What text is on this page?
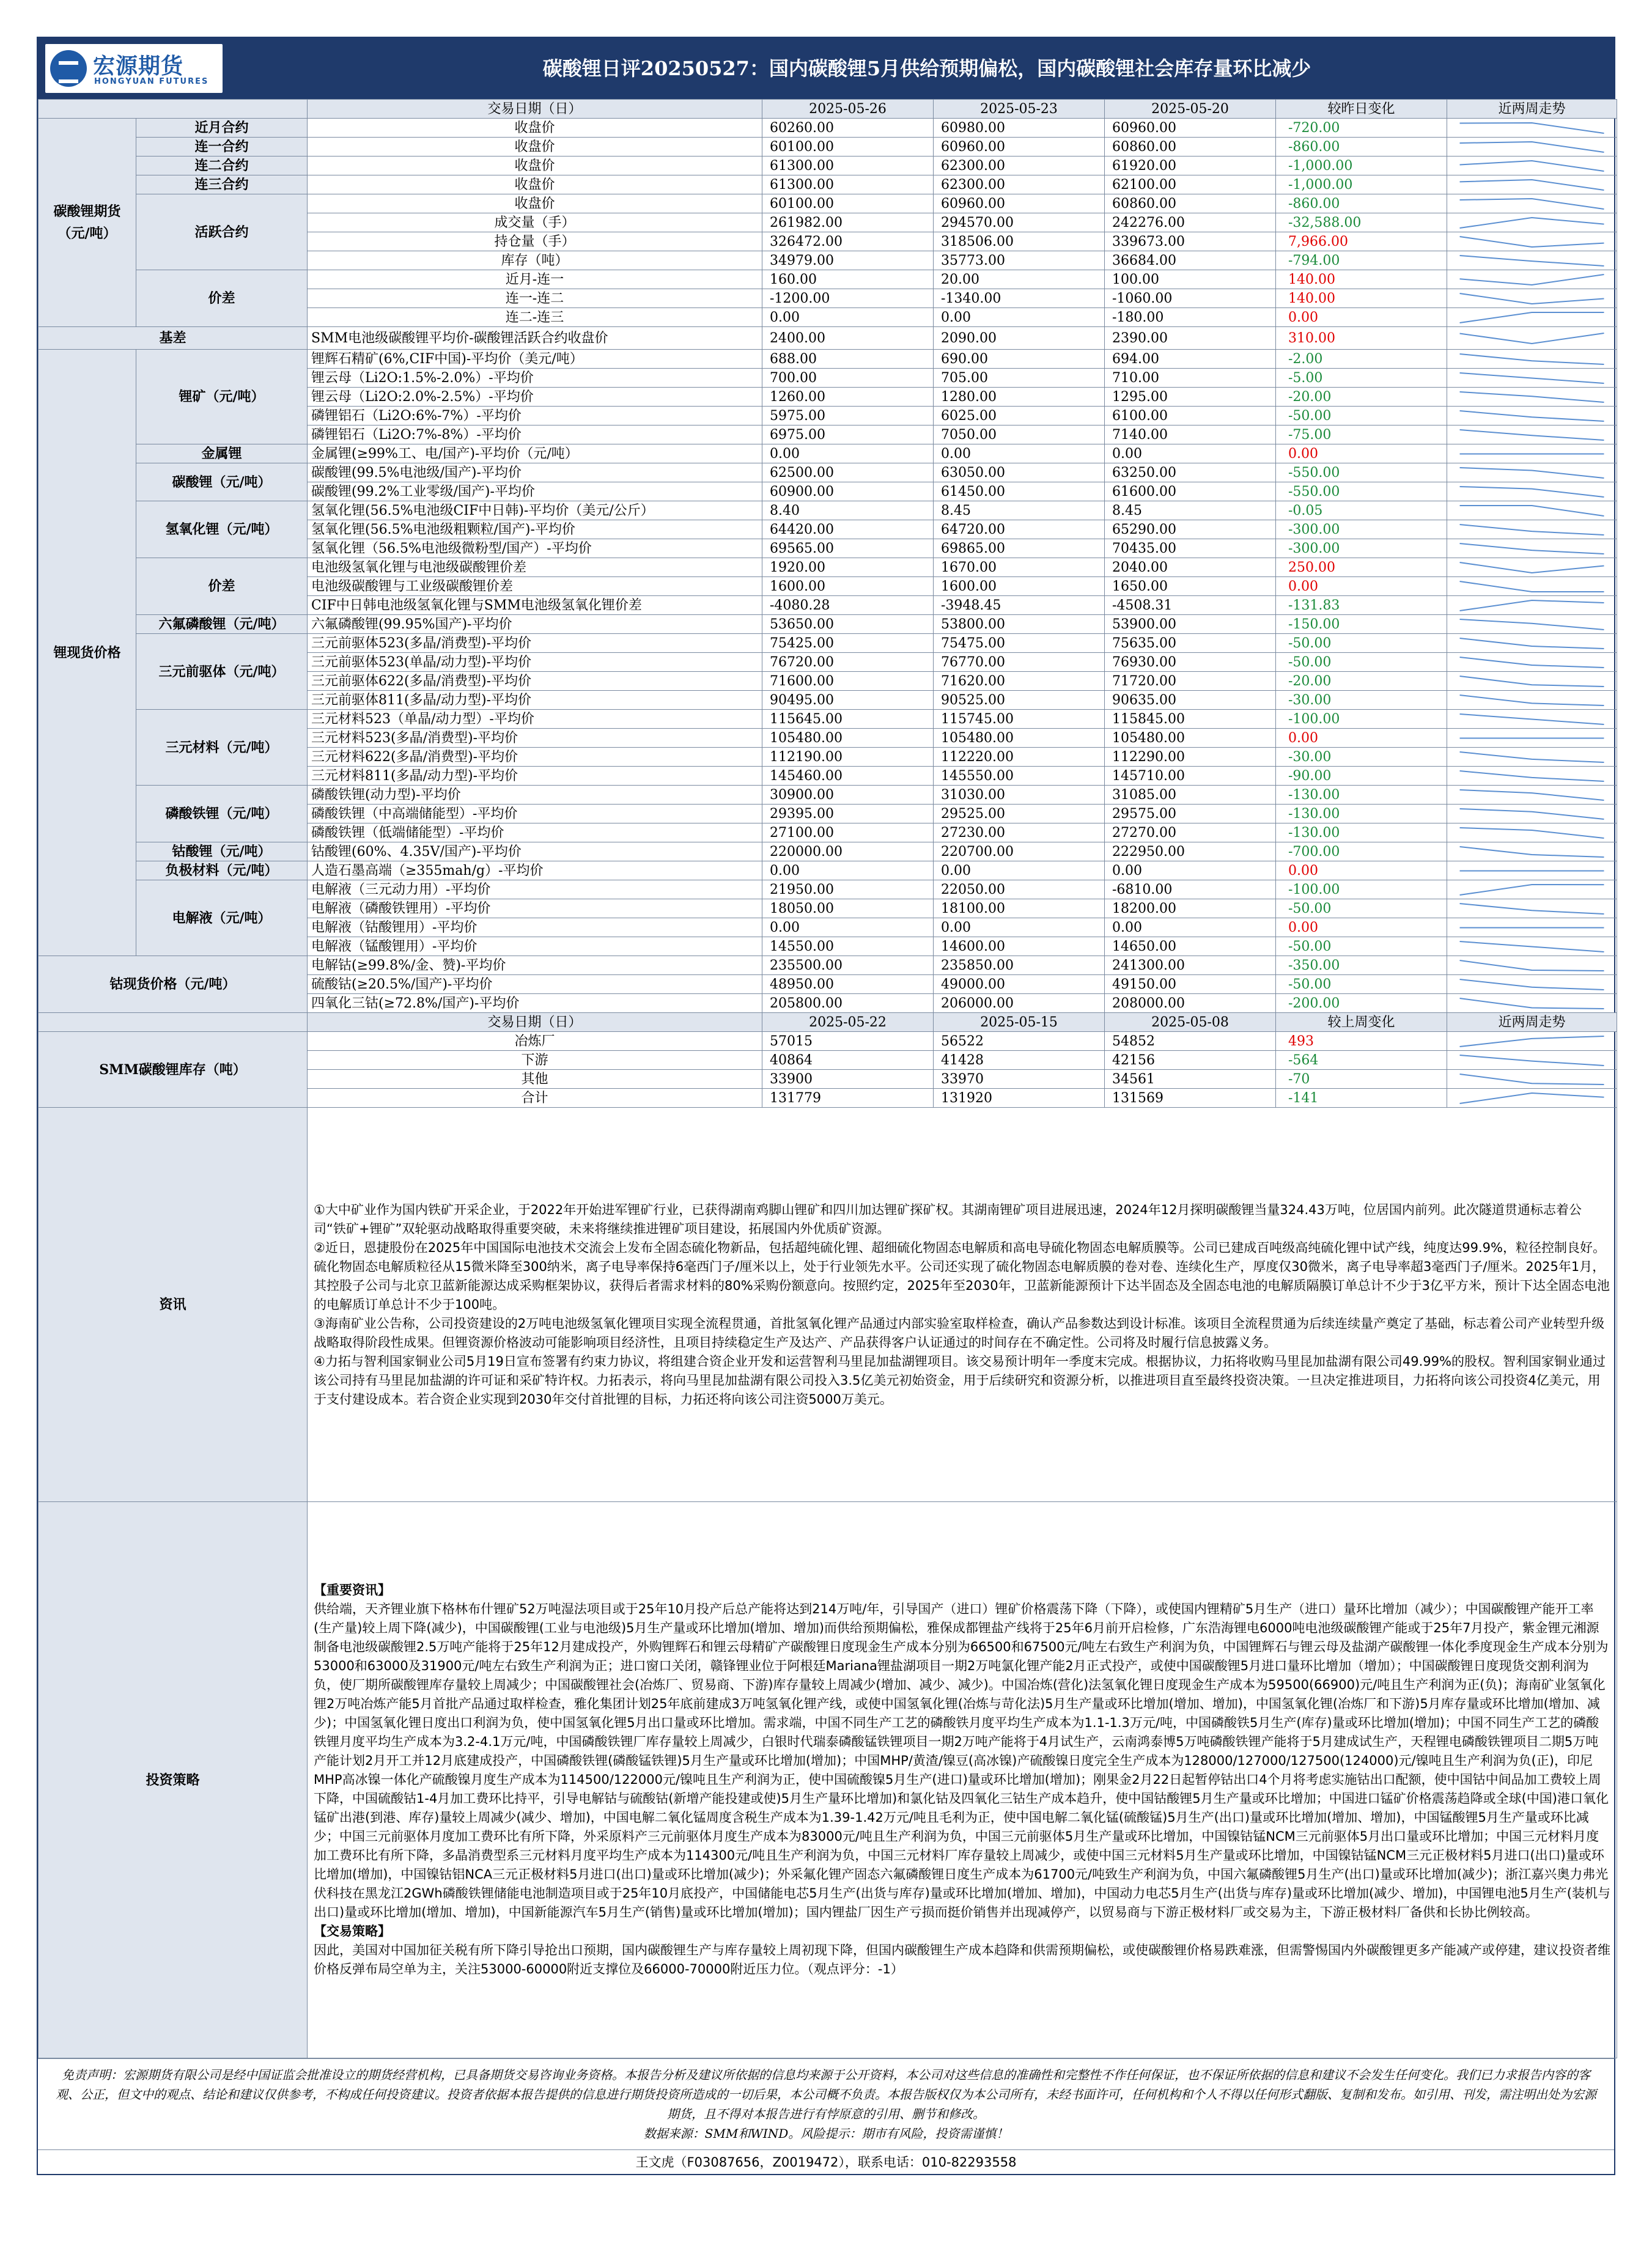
宏源期货
HONGYUAN FUTURES
碳酸锂日评20250527：国内碳酸锂5月供给预期偏松，国内碳酸锂社会库存量环比减少
		交易日期（日）	2025-05-26	2025-05-23	2025-05-20	较昨日变化	近两周走势
碳酸锂期货 （元/吨）	近月合约	收盘价	60260.00	60980.00	60960.00	-720.00	

	连一合约	收盘价	60100.00	60960.00	60860.00	-860.00	

	连二合约	收盘价	61300.00	62300.00	61920.00	-1,000.00	

	连三合约	收盘价	61300.00	62300.00	62100.00	-1,000.00	

	活跃合约	收盘价	60100.00	60960.00	60860.00	-860.00	

		成交量（手）	261982.00	294570.00	242276.00	-32,588.00	

		持仓量（手）	326472.00	318506.00	339673.00	7,966.00	

		库存（吨）	34979.00	35773.00	36684.00	-794.00	

	价差	近月-连一	160.00	20.00	100.00	140.00	

		连一-连二	-1200.00	-1340.00	-1060.00	140.00	

		连二-连三	0.00	0.00	-180.00	0.00	

基差		SMM电池级碳酸锂平均价-碳酸锂活跃合约收盘价	2400.00	2090.00	2390.00	310.00	

锂现货价格	锂矿（元/吨）	锂辉石精矿(6%,CIF中国)-平均价（美元/吨）	688.00	690.00	694.00	-2.00	

		锂云母（Li2O:1.5%-2.0%）-平均价	700.00	705.00	710.00	-5.00	

		锂云母（Li2O:2.0%-2.5%）-平均价	1260.00	1280.00	1295.00	-20.00	

		磷锂铝石（Li2O:6%-7%）-平均价	5975.00	6025.00	6100.00	-50.00	

		磷锂铝石（Li2O:7%-8%）-平均价	6975.00	7050.00	7140.00	-75.00	

	金属锂	金属锂(≥99%工、电/国产)-平均价（元/吨）	0.00	0.00	0.00	0.00	

	碳酸锂（元/吨）	碳酸锂(99.5%电池级/国产)-平均价	62500.00	63050.00	63250.00	-550.00	

		碳酸锂(99.2%工业零级/国产)-平均价	60900.00	61450.00	61600.00	-550.00	

	氢氧化锂（元/吨）	氢氧化锂(56.5%电池级CIF中日韩)-平均价（美元/公斤）	8.40	8.45	8.45	-0.05	

		氢氧化锂(56.5%电池级粗颗粒/国产)-平均价	64420.00	64720.00	65290.00	-300.00	

		氢氧化锂（56.5%电池级微粉型/国产）-平均价	69565.00	69865.00	70435.00	-300.00	

	价差	电池级氢氧化锂与电池级碳酸锂价差	1920.00	1670.00	2040.00	250.00	

		电池级碳酸锂与工业级碳酸锂价差	1600.00	1600.00	1650.00	0.00	

		CIF中日韩电池级氢氧化锂与SMM电池级氢氧化锂价差	-4080.28	-3948.45	-4508.31	-131.83	

	六氟磷酸锂（元/吨）	六氟磷酸锂(99.95%国产)-平均价	53650.00	53800.00	53900.00	-150.00	

	三元前驱体（元/吨）	三元前驱体523(多晶/消费型)-平均价	75425.00	75475.00	75635.00	-50.00	

		三元前驱体523(单晶/动力型)-平均价	76720.00	76770.00	76930.00	-50.00	

		三元前驱体622(多晶/消费型)-平均价	71600.00	71620.00	71720.00	-20.00	

		三元前驱体811(多晶/动力型)-平均价	90495.00	90525.00	90635.00	-30.00	

	三元材料（元/吨）	三元材料523（单晶/动力型）-平均价	115645.00	115745.00	115845.00	-100.00	

		三元材料523(多晶/消费型)-平均价	105480.00	105480.00	105480.00	0.00	

		三元材料622(多晶/消费型)-平均价	112190.00	112220.00	112290.00	-30.00	

		三元材料811(多晶/动力型)-平均价	145460.00	145550.00	145710.00	-90.00	

	磷酸铁锂（元/吨）	磷酸铁锂(动力型)-平均价	30900.00	31030.00	31085.00	-130.00	

		磷酸铁锂（中高端储能型）-平均价	29395.00	29525.00	29575.00	-130.00	

		磷酸铁锂（低端储能型）-平均价	27100.00	27230.00	27270.00	-130.00	

	钴酸锂（元/吨）	钴酸锂(60%、4.35V/国产)-平均价	220000.00	220700.00	222950.00	-700.00	

	负极材料（元/吨）	人造石墨高端（≥355mah/g）-平均价	0.00	0.00	0.00	0.00	

	电解液（元/吨）	电解液（三元动力用）-平均价	21950.00	22050.00	-6810.00	-100.00	

		电解液（磷酸铁锂用）-平均价	18050.00	18100.00	18200.00	-50.00	

		电解液（钴酸锂用）-平均价	0.00	0.00	0.00	0.00	

		电解液（锰酸锂用）-平均价	14550.00	14600.00	14650.00	-50.00	

钴现货价格（元/吨）		电解钴(≥99.8%/金、赞)-平均价	235500.00	235850.00	241300.00	-350.00	

		硫酸钴(≥20.5%/国产)-平均价	48950.00	49000.00	49150.00	-50.00	

		四氧化三钴(≥72.8%/国产)-平均价	205800.00	206000.00	208000.00	-200.00	

		交易日期（日）	2025-05-22	2025-05-15	2025-05-08	较上周变化	近两周走势
SMM碳酸锂库存（吨）		冶炼厂	57015	56522	54852	493	

		下游	40864	41428	42156	-564	

		其他	33900	33970	34561	-70	

		合计	131779	131920	131569	-141	

资讯		①大中矿业作为国内铁矿开采企业，于2022年开始进军锂矿行业，已获得湖南鸡脚山锂矿和四川加达锂矿探矿权。其湖南锂矿项目进展迅速，2024年12月探明碳酸锂当量324.43万吨，位居国内前列。此次隧道贯通标志着公司“铁矿+锂矿”双轮驱动战略取得重要突破，未来将继续推进锂矿项目建设，拓展国内外优质矿资源。

②近日，恩捷股份在2025年中国国际电池技术交流会上发布全固态硫化物新品，包括超纯硫化锂、超细硫化物固态电解质和高电导硫化物固态电解质膜等。公司已建成百吨级高纯硫化锂中试产线，纯度达99.9%，粒径控制良好。硫化物固态电解质粒径从15微米降至300纳米，离子电导率保持6毫西门子/厘米以上，处于行业领先水平。公司还实现了硫化物固态电解质膜的卷对卷、连续化生产，厚度仅30微米，离子电导率超3毫西门子/厘米。2025年1月，其控股子公司与北京卫蓝新能源达成采购框架协议，获得后者需求材料的80%采购份额意向。按照约定，2025年至2030年，卫蓝新能源预计下达半固态及全固态电池的电解质隔膜订单总计不少于3亿平方米，预计下达全固态电池的电解质订单总计不少于100吨。

③海南矿业公告称，公司投资建设的2万吨电池级氢氧化锂项目实现全流程贯通，首批氢氧化锂产品通过内部实验室取样检查，确认产品参数达到设计标准。该项目全流程贯通为后续连续量产奠定了基础，标志着公司产业转型升级战略取得阶段性成果。但锂资源价格波动可能影响项目经济性，且项目持续稳定生产及达产、产品获得客户认证通过的时间存在不确定性。公司将及时履行信息披露义务。

④力拓与智利国家铜业公司5月19日宣布签署有约束力协议，将组建合资企业开发和运营智利马里昆加盐湖锂项目。该交易预计明年一季度末完成。根据协议，力拓将收购马里昆加盐湖有限公司49.99%的股权。智利国家铜业通过该公司持有马里昆加盐湖的许可证和采矿特许权。力拓表示，将向马里昆加盐湖有限公司投入3.5亿美元初始资金，用于后续研究和资源分析，以推进项目直至最终投资决策。一旦决定推进项目，力拓将向该公司投资4亿美元，用于支付建设成本。若合资企业实现到2030年交付首批锂的目标，力拓还将向该公司注资5000万美元。					

投资策略		【重要资讯】

供给端，天齐锂业旗下格林布什锂矿52万吨湿法项目或于25年10月投产后总产能将达到214万吨/年，引导国产（进口）锂矿价格震荡下降（下降），或使国内锂精矿5月生产（进口）量环比增加（减少）；中国碳酸锂产能开工率(生产量)较上周下降(减少)，中国碳酸锂(工业与电池级)5月生产量或环比增加(增加、增加)而供给预期偏松，雅保成都锂盐产线将于25年6月前开启检修，广东浩海锂电6000吨电池级碳酸锂产能或于25年7月投产，紫金锂元湘源制备电池级碳酸锂2.5万吨产能将于25年12月建成投产，外购锂辉石和锂云母精矿产碳酸锂日度现金生产成本分别为66500和67500元/吨左右致生产利润为负，中国锂辉石与锂云母及盐湖产碳酸锂一体化季度现金生产成本分别为53000和63000及31900元/吨左右致生产利润为正；进口窗口关闭，赣锋锂业位于阿根廷Mariana锂盐湖项目一期2万吨氯化锂产能2月正式投产，或使中国碳酸锂5月进口量环比增加（增加）；中国碳酸锂日度现货交割利润为负，使厂期所碳酸锂库存量较上周减少；中国碳酸锂社会(冶炼厂、贸易商、下游)库存量较上周减少(增加、减少、减少)。中国冶炼(营化)法氢氧化锂日度现金生产成本为59500(66900)元/吨且生产利润为正(负)；海南矿业氢氧化锂2万吨冶炼产能5月首批产品通过取样检查，雅化集团计划25年底前建成3万吨氢氧化锂产线，或使中国氢氧化锂(冶炼与苛化法)5月生产量或环比增加(增加、增加)，中国氢氧化锂(冶炼厂和下游)5月库存量或环比增加(增加、减少)；中国氢氧化锂日度出口利润为负，使中国氢氧化锂5月出口量或环比增加。需求端，中国不同生产工艺的磷酸铁月度平均生产成本为1.1-1.3万元/吨，中国磷酸铁5月生产(库存)量或环比增加(增加)；中国不同生产工艺的磷酸铁锂月度平均生产成本为3.2-4.1万元/吨，中国磷酸铁锂厂库存量较上周减少，白银时代瑞泰磷酸锰铁锂项目一期2万吨产能将于4月试生产，云南鸿泰博5万吨磷酸铁锂产能将于5月建成试生产，天程锂电磷酸铁锂项目二期5万吨产能计划2月开工并12月底建成投产，中国磷酸铁锂(磷酸锰铁锂)5月生产量或环比增加(增加)；中国MHP/黄渣/镍豆(高冰镍)产硫酸镍日度完全生产成本为128000/127000/127500(124000)元/镍吨且生产利润为负(正)，印尼MHP高冰镍一体化产硫酸镍月度生产成本为114500/122000元/镍吨且生产利润为正，使中国硫酸镍5月生产(进口)量或环比增加(增加)；刚果金2月22日起暂停钴出口4个月将考虑实施钴出口配额，使中国钴中间品加工费较上周下降，中国硫酸钴1-4月加工费环比持平，引导电解钴与硫酸钴(新增产能投建或使)5月生产量环比增加)和氯化钴及四氧化三钴生产成本趋升，使中国钴酸锂5月生产量或环比增加；中国进口锰矿价格震荡趋降或全球(中国)港口氧化锰矿出港(到港、库存)量较上周减少(减少、增加)，中国电解二氧化锰周度含税生产成本为1.39-1.42万元/吨且毛利为正，使中国电解二氧化锰(硫酸锰)5月生产(出口)量或环比增加(增加、增加)，中国锰酸锂5月生产量或环比减少；中国三元前驱体月度加工费环比有所下降，外采原料产三元前驱体月度生产成本为83000元/吨且生产利润为负，中国三元前驱体5月生产量或环比增加，中国镍钴锰NCM三元前驱体5月出口量或环比增加；中国三元材料月度加工费环比有所下降，多晶消费型系三元材料月度平均生产成本为114300元/吨且生产利润为负，中国三元材料厂库存量较上周减少，或使中国三元材料5月生产量或环比增加，中国镍钴锰NCM三元正极材料5月进口(出口)量或环比增加(增加)，中国镍钴铝NCA三元正极材料5月进口(出口)量或环比增加(减少)；外采氟化锂产固态六氟磷酸锂日度生产成本为61700元/吨致生产利润为负，中国六氟磷酸锂5月生产(出口)量或环比增加(减少)；浙江嘉兴奥力弗光伏科技在黑龙江2GWh磷酸铁锂储能电池制造项目或于25年10月底投产，中国储能电芯5月生产(出货与库存)量或环比增加(增加、增加)，中国动力电芯5月生产(出货与库存)量或环比增加(减少、增加)，中国锂电池5月生产(装机与出口)量或环比增加(增加、增加)，中国新能源汽车5月生产(销售)量或环比增加(增加)；国内锂盐厂因生产亏损而挺价销售并出现减停产，以贸易商与下游正极材料厂或交易为主，下游正极材料厂备供和长协比例较高。

【交易策略】

因此，美国对中国加征关税有所下降引导抢出口预期，国内碳酸锂生产与库存量较上周初现下降，但国内碳酸锂生产成本趋降和供需预期偏松，或使碳酸锂价格易跌难涨，但需警惕国内外碳酸锂更多产能减产或停建，建议投资者维价格反弹布局空单为主，关注53000-60000附近支撑位及66000-70000附近压力位。（观点评分：-1）					

免责声明：宏源期货有限公司是经中国证监会批准设立的期货经营机构，已具备期货交易咨询业务资格。本报告分析及建议所依据的信息均来源于公开资料，本公司对这些信息的准确性和完整性不作任何保证，也不保证所依据的信息和建议不会发生任何变化。我们已力求报告内容的客观、公正，但文中的观点、结论和建议仅供参考，不构成任何投资建议。投资者依据本报告提供的信息进行期货投资所造成的一切后果，本公司概不负责。本报告版权仅为本公司所有，未经书面许可，任何机构和个人不得以任何形式翻版、复制和发布。如引用、刊发，需注明出处为宏源期货，且不得对本报告进行有悖原意的引用、删节和修改。
数据来源：SMM和WIND。风险提示：期市有风险，投资需谨慎！
王文虎（F03087656，Z0019472），联系电话：010-82293558
